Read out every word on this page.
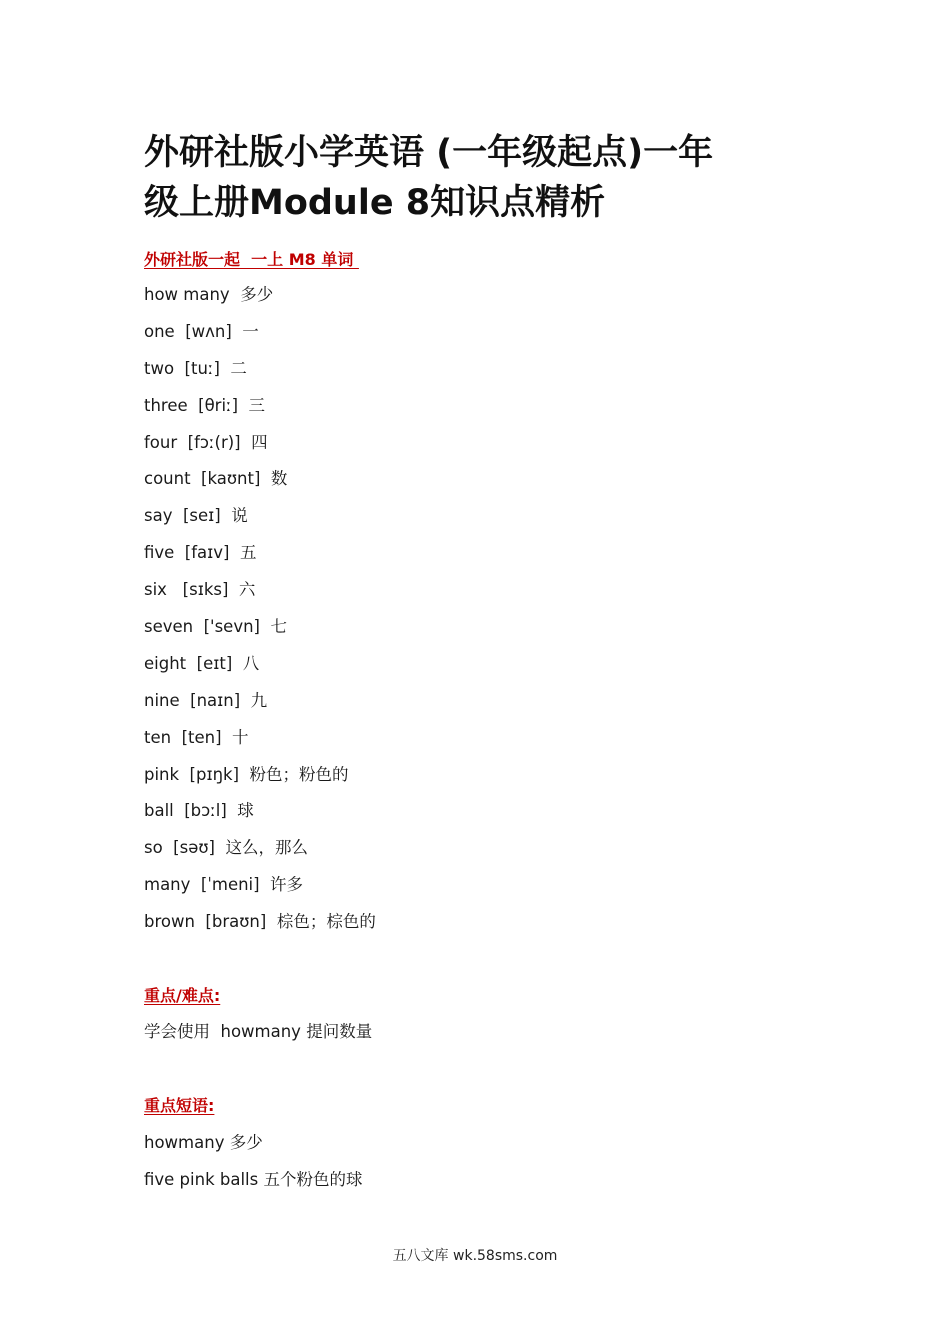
外研社版小学英语 (一年级起点)一年
级上册Module 8知识点精析

外研社版一起  一上 M8 单词

how many  多少
one  [wʌn]  一
two  [tuː]  二
three  [θriː]  三
four  [fɔː(r)]  四
count  [kaʊnt]  数
say  [seɪ]  说
five  [faɪv]  五
six   [sɪks]  六
seven  ['sevn]  七
eight  [eɪt]  八
nine  [naɪn]  九
ten  [ten]  十
pink  [pɪŋk]  粉色；粉色的
ball  [bɔːl]  球
so  [səʊ]  这么，那么
many  [ˈmeni]  许多
brown  [braʊn]  棕色；棕色的

重点/难点:

学会使用  howmany 提问数量

重点短语:

howmany 多少

five pink balls 五个粉色的球

五八文库 wk.58sms.com
